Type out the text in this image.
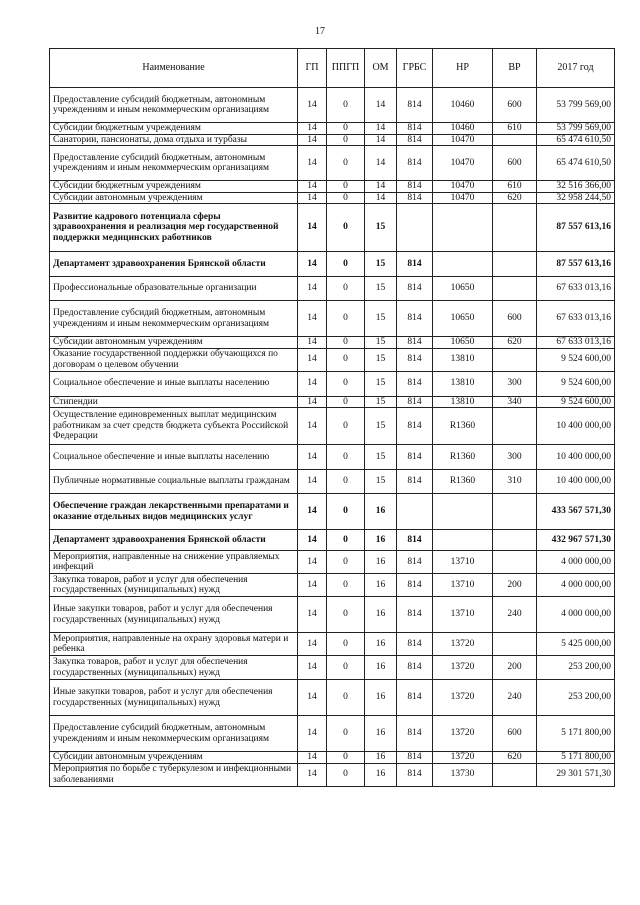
17
Наименование	ГП	ППГП	ОМ	ГРБС	НР	ВР	2017 год
Предоставление субсидий бюджетным, автономным учреждениям и иным некоммерческим организациям	14	0	14	814	10460	600	53 799 569,00
Субсидии бюджетным учреждениям	14	0	14	814	10460	610	53 799 569,00
Санатории, пансионаты, дома отдыха и турбазы	14	0	14	814	10470		65 474 610,50
Предоставление субсидий бюджетным, автономным учреждениям и иным некоммерческим организациям	14	0	14	814	10470	600	65 474 610,50
Субсидии бюджетным учреждениям	14	0	14	814	10470	610	32 516 366,00
Субсидии автономным учреждениям	14	0	14	814	10470	620	32 958 244,50
Развитие кадрового потенциала сферы здравоохранения и реализация мер государственной поддержки медицинских работников	14	0	15				87 557 613,16
Департамент здравоохранения Брянской области	14	0	15	814			87 557 613,16
Профессиональные образовательные организации	14	0	15	814	10650		67 633 013,16
Предоставление субсидий бюджетным, автономным учреждениям и иным некоммерческим организациям	14	0	15	814	10650	600	67 633 013,16
Субсидии автономным учреждениям	14	0	15	814	10650	620	67 633 013,16
Оказание государственной поддержки обучающихся по договорам о целевом обучении	14	0	15	814	13810		9 524 600,00
Социальное обеспечение и иные выплаты населению	14	0	15	814	13810	300	9 524 600,00
Стипендии	14	0	15	814	13810	340	9 524 600,00
Осуществление единовременных выплат медицинским работникам за счет средств бюджета субъекта Российской Федерации	14	0	15	814	R1360		10 400 000,00
Социальное обеспечение и иные выплаты населению	14	0	15	814	R1360	300	10 400 000,00
Публичные нормативные социальные выплаты гражданам	14	0	15	814	R1360	310	10 400 000,00
Обеспечение граждан лекарственными препаратами и оказание отдельных видов медицинских услуг	14	0	16				433 567 571,30
Департамент здравоохранения Брянской области	14	0	16	814			432 967 571,30
Мероприятия, направленные на снижение управляемых инфекций	14	0	16	814	13710		4 000 000,00
Закупка товаров, работ и услуг для обеспечения государственных (муниципальных) нужд	14	0	16	814	13710	200	4 000 000,00
Иные закупки товаров, работ и услуг для обеспечения государственных (муниципальных) нужд	14	0	16	814	13710	240	4 000 000,00
Мероприятия, направленные на охрану здоровья матери и ребенка	14	0	16	814	13720		5 425 000,00
Закупка товаров, работ и услуг для обеспечения государственных (муниципальных) нужд	14	0	16	814	13720	200	253 200,00
Иные закупки товаров, работ и услуг для обеспечения государственных (муниципальных) нужд	14	0	16	814	13720	240	253 200,00
Предоставление субсидий бюджетным, автономным учреждениям и иным некоммерческим организациям	14	0	16	814	13720	600	5 171 800,00
Субсидии автономным учреждениям	14	0	16	814	13720	620	5 171 800,00
Мероприятия по борьбе с туберкулезом и инфекционными заболеваниями	14	0	16	814	13730		29 301 571,30
